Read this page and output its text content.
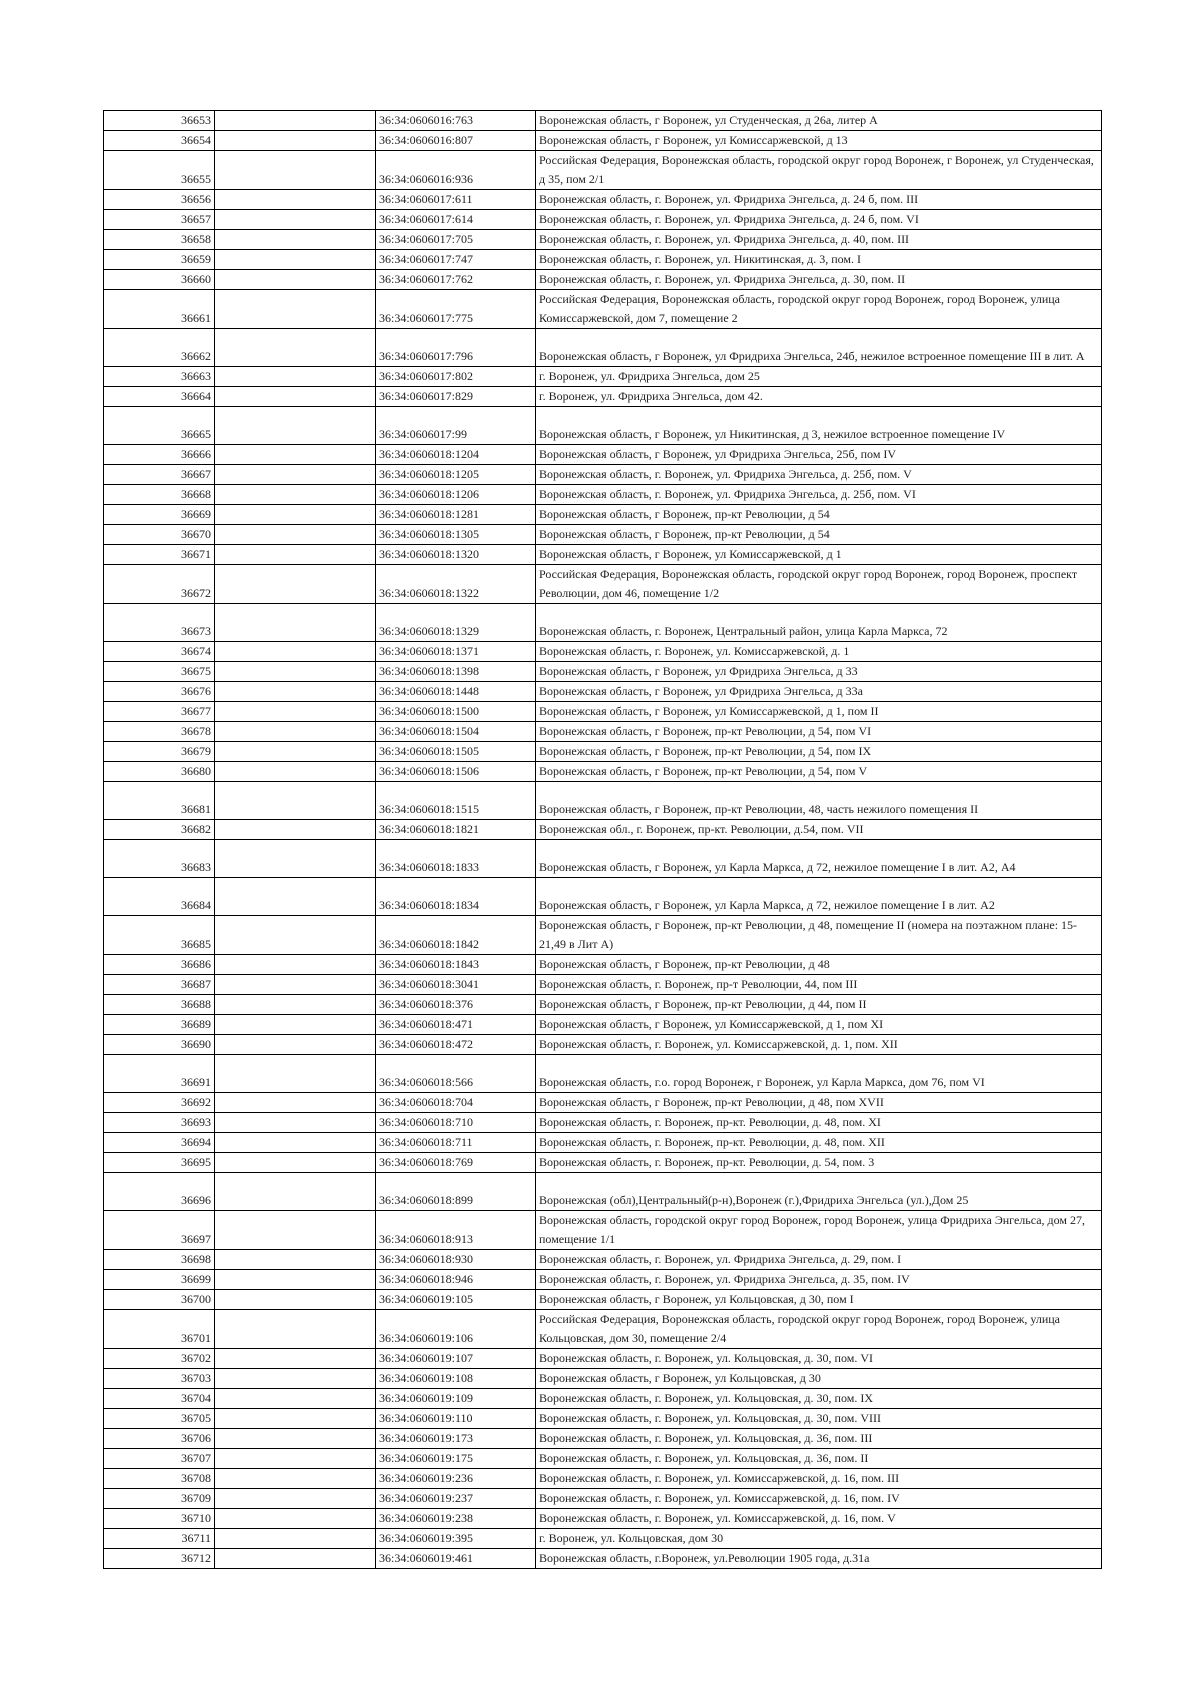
36653		36:34:0606016:763	Воронежская область, г Воронеж, ул Студенческая, д 26а, литер А
36654		36:34:0606016:807	Воронежская область, г Воронеж, ул Комиссаржевской, д 13
36655		36:34:0606016:936	Российская Федерация, Воронежская область, городской округ город Воронеж, г Воронеж, ул Студенческая, д 35, пом 2/1
36656		36:34:0606017:611	Воронежская область, г. Воронеж, ул. Фридриха Энгельса, д. 24 б, пом. III
36657		36:34:0606017:614	Воронежская область, г. Воронеж, ул. Фридриха Энгельса, д. 24 б, пом. VI
36658		36:34:0606017:705	Воронежская область, г. Воронеж, ул. Фридриха Энгельса, д. 40, пом. III
36659		36:34:0606017:747	Воронежская область, г. Воронеж, ул. Никитинская, д. 3, пом. I
36660		36:34:0606017:762	Воронежская область, г. Воронеж, ул. Фридриха Энгельса, д. 30, пом. II
36661		36:34:0606017:775	Российская Федерация, Воронежская область, городской округ город Воронеж, город Воронеж, улица Комиссаржевской, дом 7, помещение 2
36662		36:34:0606017:796	Воронежская область, г Воронеж, ул Фридриха Энгельса, 24б, нежилое встроенное помещение III в лит. А
36663		36:34:0606017:802	г. Воронеж, ул. Фридриха Энгельса, дом 25
36664		36:34:0606017:829	г. Воронеж, ул. Фридриха Энгельса, дом 42.
36665		36:34:0606017:99	Воронежская область, г Воронеж, ул Никитинская, д 3, нежилое встроенное помещение IV
36666		36:34:0606018:1204	Воронежская область, г Воронеж, ул Фридриха Энгельса, 25б, пом IV
36667		36:34:0606018:1205	Воронежская область, г. Воронеж, ул. Фридриха Энгельса, д. 25б, пом. V
36668		36:34:0606018:1206	Воронежская область, г. Воронеж, ул. Фридриха Энгельса, д. 25б, пом. VI
36669		36:34:0606018:1281	Воронежская область, г Воронеж, пр-кт Революции, д 54
36670		36:34:0606018:1305	Воронежская область, г Воронеж, пр-кт Революции, д 54
36671		36:34:0606018:1320	Воронежская область, г Воронеж, ул Комиссаржевской, д 1
36672		36:34:0606018:1322	Российская Федерация, Воронежская область, городской округ город Воронеж, город Воронеж, проспект Революции, дом 46, помещение 1/2
36673		36:34:0606018:1329	Воронежская область, г. Воронеж, Центральный район, улица Карла Маркса, 72
36674		36:34:0606018:1371	Воронежская область, г. Воронеж, ул. Комиссаржевской, д. 1
36675		36:34:0606018:1398	Воронежская область, г Воронеж, ул Фридриха Энгельса, д 33
36676		36:34:0606018:1448	Воронежская область, г Воронеж, ул Фридриха Энгельса, д 33а
36677		36:34:0606018:1500	Воронежская область, г Воронеж, ул Комиссаржевской, д 1, пом II
36678		36:34:0606018:1504	Воронежская область, г Воронеж, пр-кт Революции, д 54, пом VI
36679		36:34:0606018:1505	Воронежская область, г Воронеж, пр-кт Революции, д 54, пом IX
36680		36:34:0606018:1506	Воронежская область, г Воронеж, пр-кт Революции, д 54, пом V
36681		36:34:0606018:1515	Воронежская область, г Воронеж, пр-кт Революции, 48, часть нежилого помещения II
36682		36:34:0606018:1821	Воронежская обл., г. Воронеж, пр-кт. Революции, д.54, пом. VII
36683		36:34:0606018:1833	Воронежская область, г Воронеж, ул Карла Маркса, д 72, нежилое помещение I в лит. А2, А4
36684		36:34:0606018:1834	Воронежская область, г Воронеж, ул Карла Маркса, д 72, нежилое помещение I в лит. А2
36685		36:34:0606018:1842	Воронежская область, г Воронеж, пр-кт Революции, д 48, помещение II (номера на поэтажном плане: 15-21,49 в Лит А)
36686		36:34:0606018:1843	Воронежская область, г Воронеж, пр-кт Революции, д 48
36687		36:34:0606018:3041	Воронежская область, г. Воронеж, пр-т Революции, 44, пом III
36688		36:34:0606018:376	Воронежская область, г Воронеж, пр-кт Революции, д 44, пом II
36689		36:34:0606018:471	Воронежская область, г Воронеж, ул Комиссаржевской, д 1, пом XI
36690		36:34:0606018:472	Воронежская область, г. Воронеж, ул. Комиссаржевской, д. 1, пом. XII
36691		36:34:0606018:566	Воронежская область, г.о. город Воронеж, г Воронеж, ул Карла Маркса, дом 76, пом VI
36692		36:34:0606018:704	Воронежская область, г Воронеж, пр-кт Революции, д 48, пом XVII
36693		36:34:0606018:710	Воронежская область, г. Воронеж, пр-кт. Революции, д. 48, пом. XI
36694		36:34:0606018:711	Воронежская область, г. Воронеж, пр-кт. Революции, д. 48, пом. XII
36695		36:34:0606018:769	Воронежская область, г. Воронеж, пр-кт. Революции, д. 54, пом. 3
36696		36:34:0606018:899	Воронежская (обл),Центральный(р-н),Воронеж (г.),Фридриха Энгельса (ул.),Дом 25
36697		36:34:0606018:913	Воронежская область, городской округ город Воронеж, город Воронеж, улица Фридриха Энгельса, дом 27, помещение 1/1
36698		36:34:0606018:930	Воронежская область, г. Воронеж, ул. Фридриха Энгельса, д. 29, пом. I
36699		36:34:0606018:946	Воронежская область, г. Воронеж, ул. Фридриха Энгельса, д. 35, пом. IV
36700		36:34:0606019:105	Воронежская область, г Воронеж, ул Кольцовская, д 30, пом I
36701		36:34:0606019:106	Российская Федерация, Воронежская область, городской округ город Воронеж, город Воронеж, улица Кольцовская, дом 30, помещение 2/4
36702		36:34:0606019:107	Воронежская область, г. Воронеж, ул. Кольцовская, д. 30, пом. VI
36703		36:34:0606019:108	Воронежская область, г Воронеж, ул Кольцовская, д 30
36704		36:34:0606019:109	Воронежская область, г. Воронеж, ул. Кольцовская, д. 30, пом. IX
36705		36:34:0606019:110	Воронежская область, г. Воронеж, ул. Кольцовская, д. 30, пом. VIII
36706		36:34:0606019:173	Воронежская область, г. Воронеж, ул. Кольцовская, д. 36, пом. III
36707		36:34:0606019:175	Воронежская область, г. Воронеж, ул. Кольцовская, д. 36, пом. II
36708		36:34:0606019:236	Воронежская область, г. Воронеж, ул. Комиссаржевской, д. 16, пом. III
36709		36:34:0606019:237	Воронежская область, г. Воронеж, ул. Комиссаржевской, д. 16, пом. IV
36710		36:34:0606019:238	Воронежская область, г. Воронеж, ул. Комиссаржевской, д. 16, пом. V
36711		36:34:0606019:395	г. Воронеж, ул. Кольцовская, дом 30
36712		36:34:0606019:461	Воронежская область, г.Воронеж, ул.Революции 1905 года, д.31а
